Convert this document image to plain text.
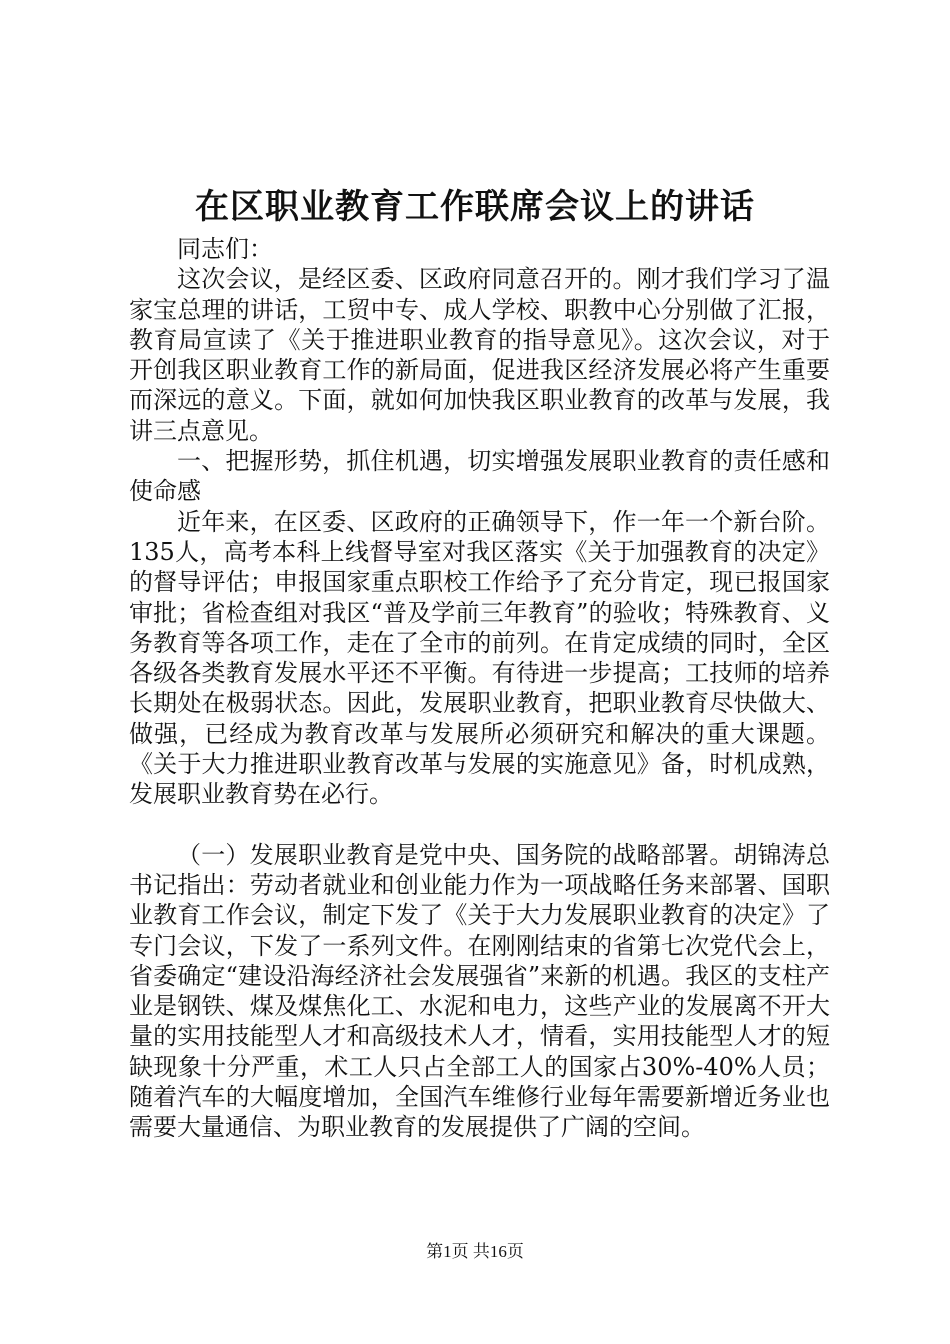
在区职业教育工作联席会议上的讲话

同志们：

这次会议，是经区委、区政府同意召开的。刚才我们学习了温家宝总理的讲话，工贸中专、成人学校、职教中心分别做了汇报，教育局宣读了《关于推进职业教育的指导意见》。这次会议，对于开创我区职业教育工作的新局面，促进我区经济发展必将产生重要而深远的意义。下面，就如何加快我区职业教育的改革与发展，我讲三点意见。

一、把握形势，抓住机遇，切实增强发展职业教育的责任感和使命感

近年来，在区委、区政府的正确领导下，作一年一个新台阶。135人，高考本科上线督导室对我区落实《关于加强教育的决定》的督导评估；申报国家重点职校工作给予了充分肯定，现已报国家审批；省检查组对我区“普及学前三年教育”的验收；特殊教育、义务教育等各项工作，走在了全市的前列。在肯定成绩的同时，全区各级各类教育发展水平还不平衡。有待进一步提高；工技师的培养长期处在极弱状态。因此，发展职业教育，把职业教育尽快做大、做强，已经成为教育改革与发展所必须研究和解决的重大课题。《关于大力推进职业教育改革与发展的实施意见》备，时机成熟，发展职业教育势在必行。

（一）发展职业教育是党中央、国务院的战略部署。胡锦涛总书记指出：劳动者就业和创业能力作为一项战略任务来部署、国职业教育工作会议，制定下发了《关于大力发展职业教育的决定》了专门会议，下发了一系列文件。在刚刚结束的省第七次党代会上，省委确定“建设沿海经济社会发展强省”来新的机遇。我区的支柱产业是钢铁、煤及煤焦化工、水泥和电力，这些产业的发展离不开大量的实用技能型人才和高级技术人才，情看，实用技能型人才的短缺现象十分严重，术工人只占全部工人的国家占30%-40%人员；随着汽车的大幅度增加，全国汽车维修行业每年需要新增近务业也需要大量通信、为职业教育的发展提供了广阔的空间。

第1页 共16页
